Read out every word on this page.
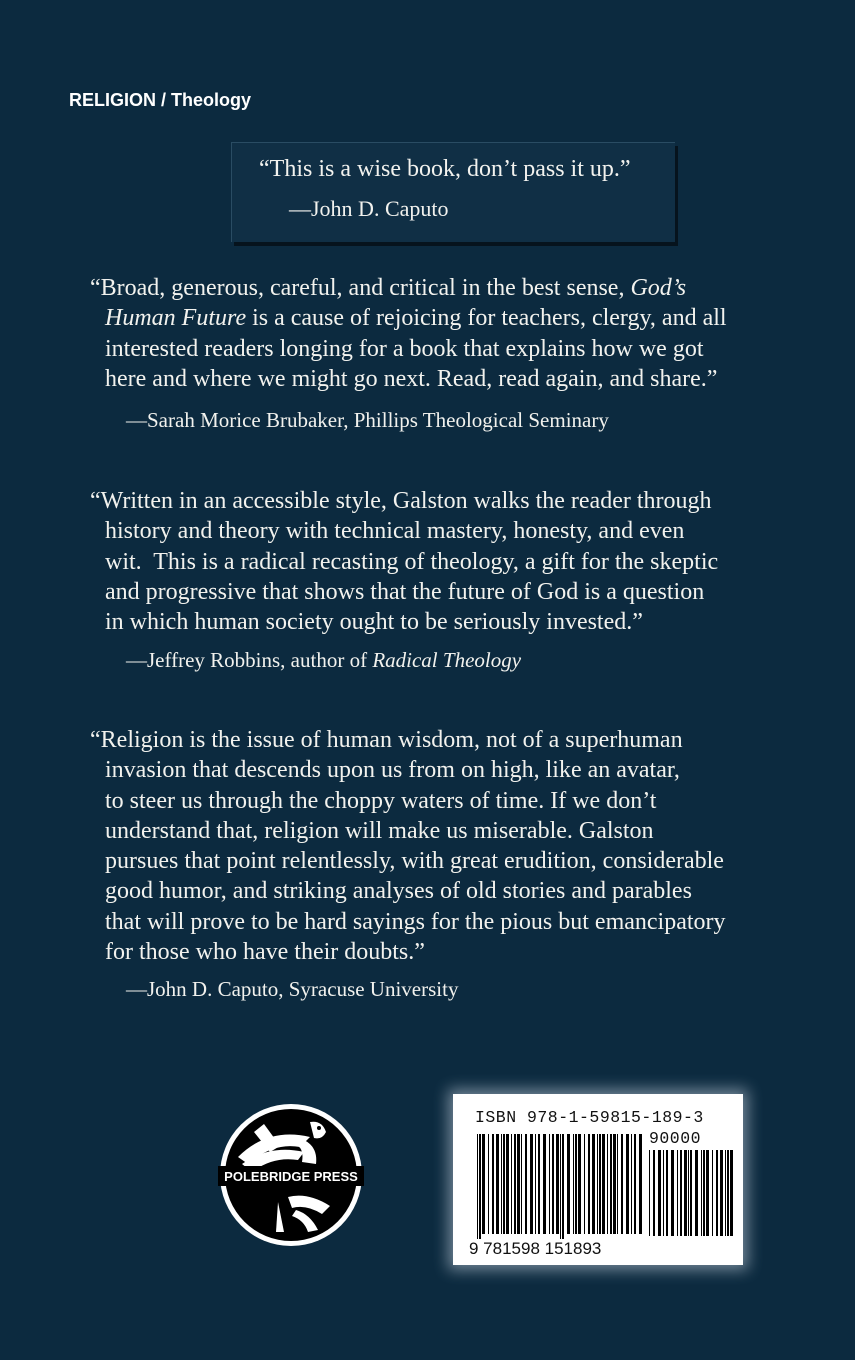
RELIGION / Theology
“This is a wise book, don’t pass it up.”
—John D. Caputo
“Broad, generous, careful, and critical in the best sense, God’s
Human Future is a cause of rejoicing for teachers, clergy, and all
interested readers longing for a book that explains how we got
here and where we might go next. Read, read again, and share.”
—Sarah Morice Brubaker, Phillips Theological Seminary
“Written in an accessible style, Galston walks the reader through
history and theory with technical mastery, honesty, and even
wit.  This is a radical recasting of theology, a gift for the skeptic
and progressive that shows that the future of God is a question
in which human society ought to be seriously invested.”
—Jeffrey Robbins, author of Radical Theology
“Religion is the issue of human wisdom, not of a superhuman
invasion that descends upon us from on high, like an avatar,
to steer us through the choppy waters of time. If we don’t
understand that, religion will make us miserable. Galston
pursues that point relentlessly, with great erudition, considerable
good humor, and striking analyses of old stories and parables
that will prove to be hard sayings for the pious but emancipatory
for those who have their doubts.”
—John D. Caputo, Syracuse University
POLEBRIDGE PRESS
ISBN 978-1-59815-189-3
90000
9 781598 151893
